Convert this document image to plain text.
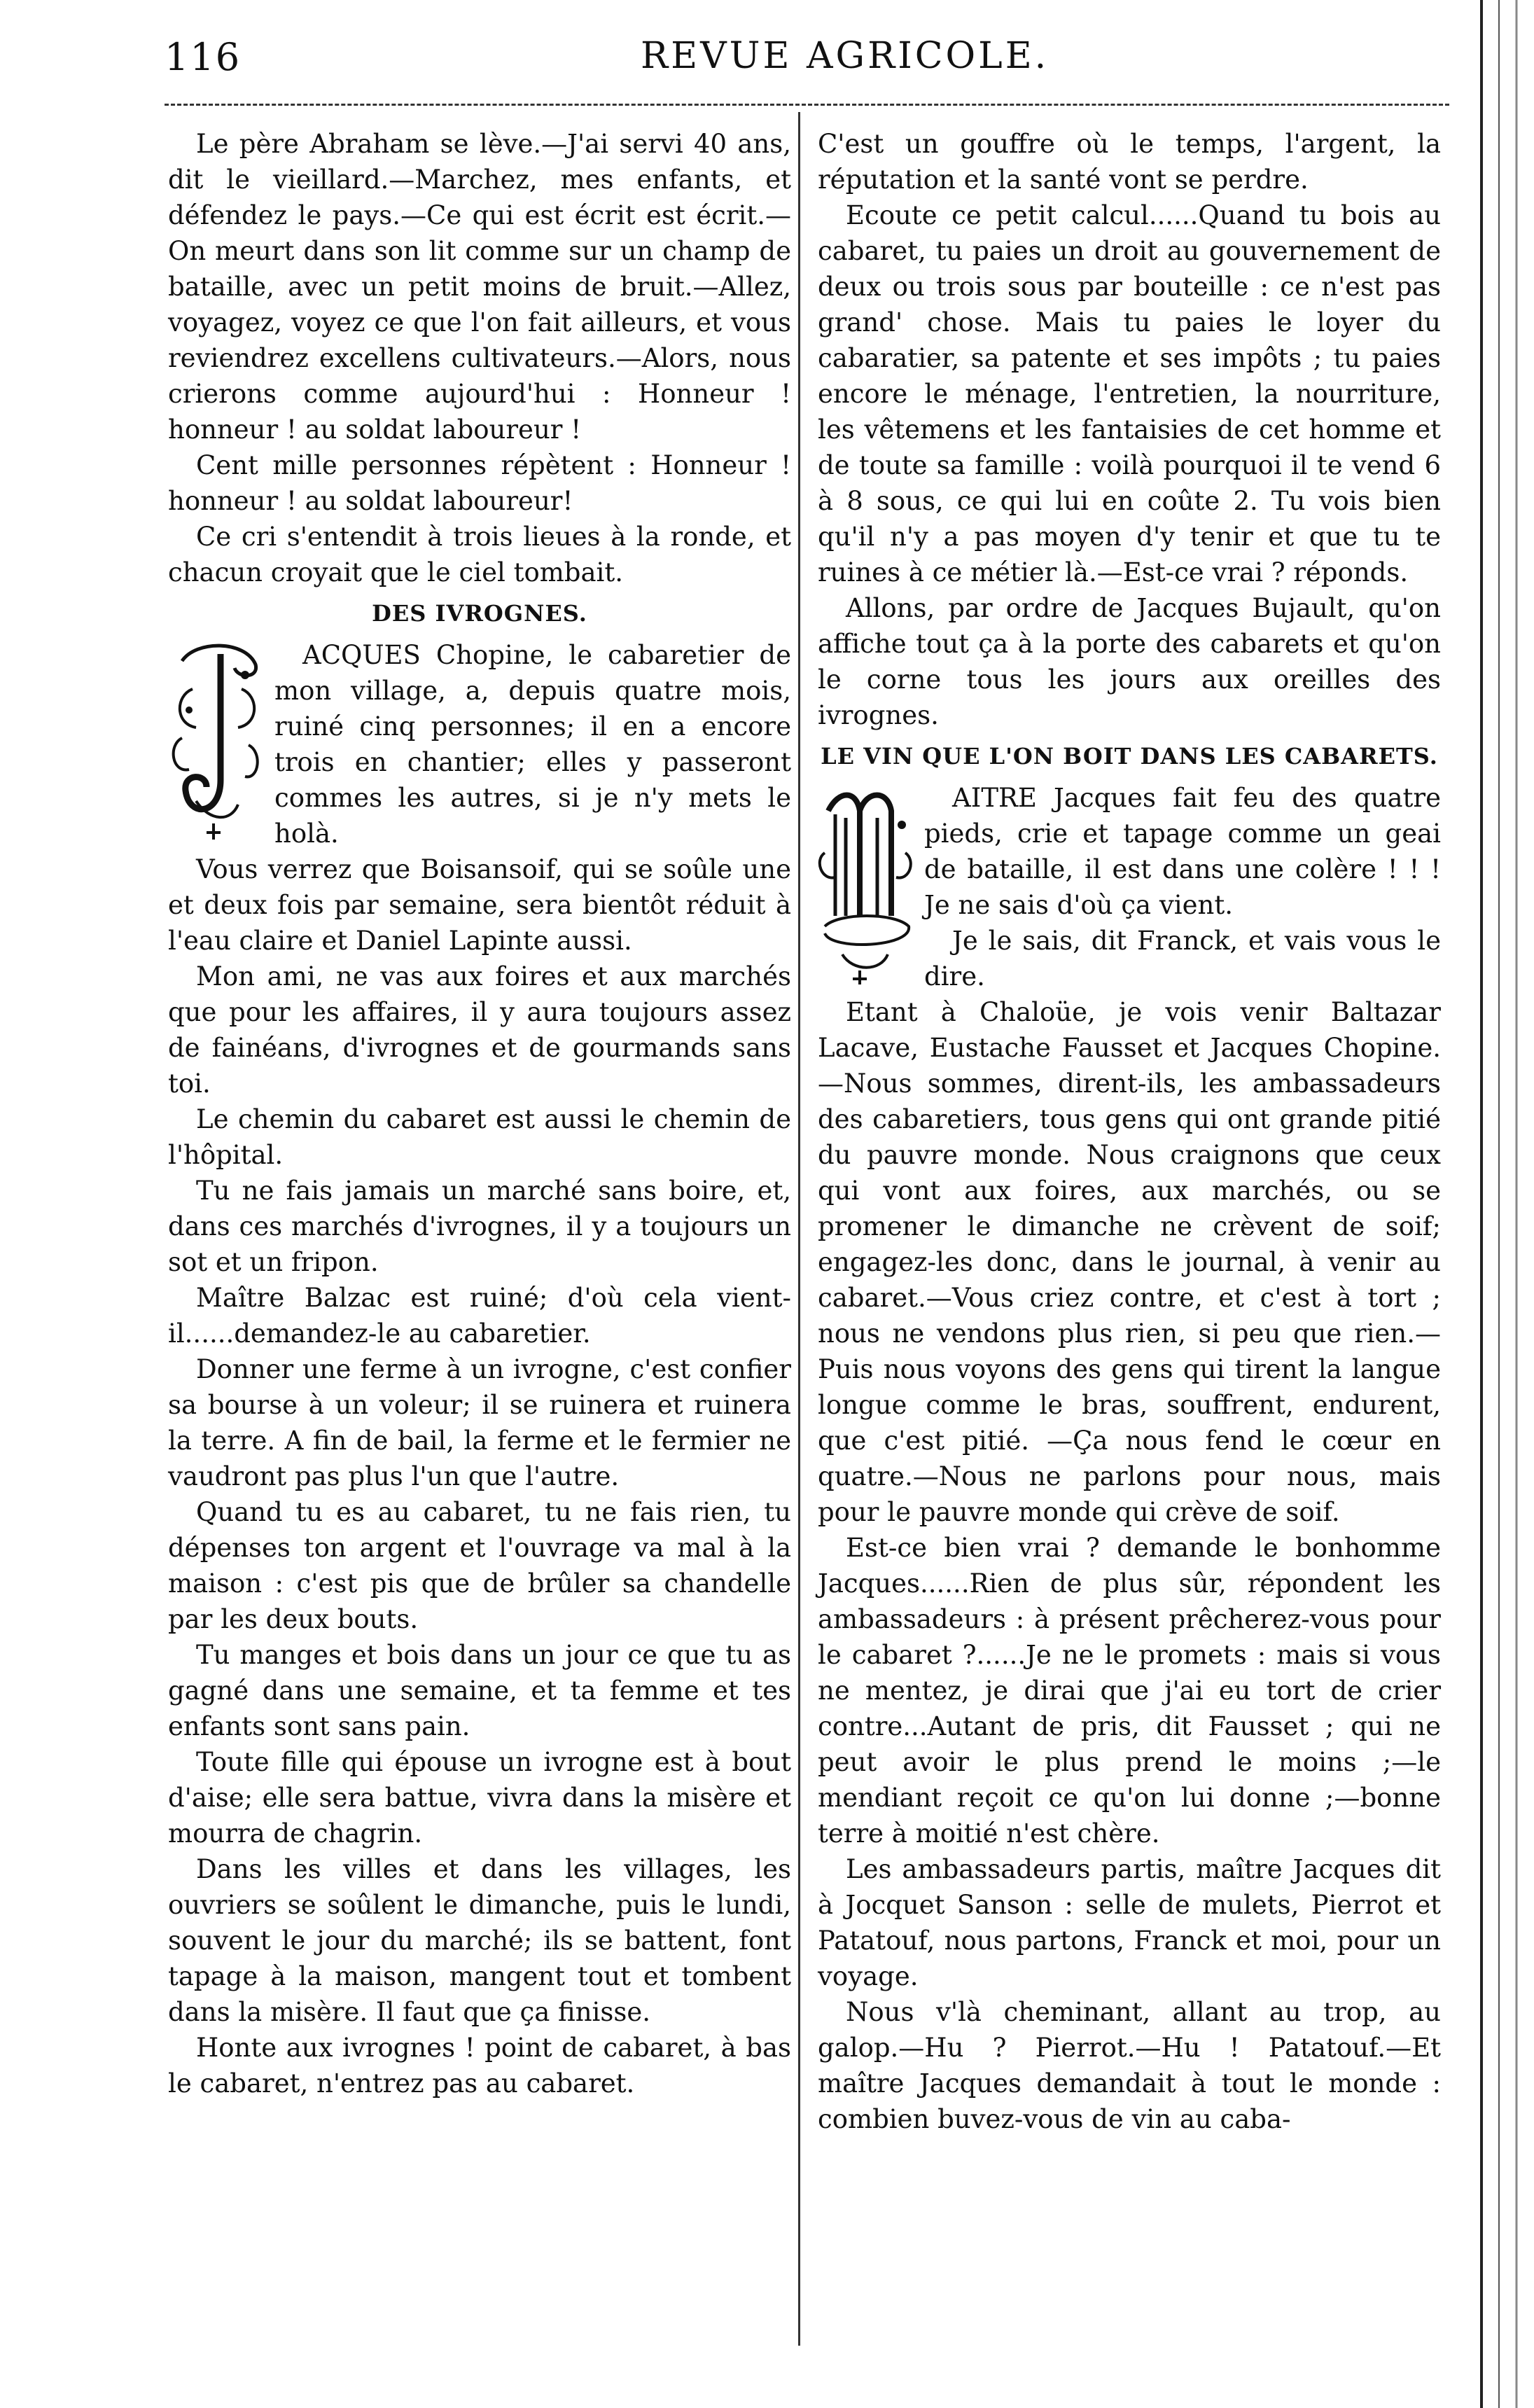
116	REVUE AGRICOLE.

Le père Abraham se lève.—J'ai servi 40 ans, dit le vieillard.—Marchez, mes enfants, et défendez le pays.—Ce qui est écrit est écrit.—On meurt dans son lit comme sur un champ de bataille, avec un petit moins de bruit.—Allez, voyagez, voyez ce que l'on fait ailleurs, et vous reviendrez excellens cultivateurs.—Alors, nous crierons comme aujourd'hui : Honneur ! honneur ! au soldat laboureur !

Cent mille personnes répètent : Honneur ! honneur ! au soldat laboureur!

Ce cri s'entendit à trois lieues à la ronde, et chacun croyait que le ciel tombait.

DES IVROGNES.

ACQUES Chopine, le cabaretier de mon village, a, depuis quatre mois, ruiné cinq personnes; il en a encore trois en chantier; elles y passeront commes les autres, si je n'y mets le holà.

Vous verrez que Boisansoif, qui se soûle une et deux fois par semaine, sera bientôt réduit à l'eau claire et Daniel Lapinte aussi.

Mon ami, ne vas aux foires et aux marchés que pour les affaires, il y aura toujours assez de fainéans, d'ivrognes et de gourmands sans toi.

Le chemin du cabaret est aussi le chemin de l'hôpital.

Tu ne fais jamais un marché sans boire, et, dans ces marchés d'ivrognes, il y a toujours un sot et un fripon.

Maître Balzac est ruiné; d'où cela vient-il......demandez-le au cabaretier.

Donner une ferme à un ivrogne, c'est confier sa bourse à un voleur; il se ruinera et ruinera la terre. A fin de bail, la ferme et le fermier ne vaudront pas plus l'un que l'autre.

Quand tu es au cabaret, tu ne fais rien, tu dépenses ton argent et l'ouvrage va mal à la maison : c'est pis que de brûler sa chandelle par les deux bouts.

Tu manges et bois dans un jour ce que tu as gagné dans une semaine, et ta femme et tes enfants sont sans pain.

Toute fille qui épouse un ivrogne est à bout d'aise; elle sera battue, vivra dans la misère et mourra de chagrin.

Dans les villes et dans les villages, les ouvriers se soûlent le dimanche, puis le lundi, souvent le jour du marché; ils se battent, font tapage à la maison, mangent tout et tombent dans la misère. Il faut que ça finisse.

Honte aux ivrognes ! point de cabaret, à bas le cabaret, n'entrez pas au cabaret.

C'est un gouffre où le temps, l'argent, la réputation et la santé vont se perdre.

Ecoute ce petit calcul......Quand tu bois au cabaret, tu paies un droit au gouvernement de deux ou trois sous par bouteille : ce n'est pas grand' chose. Mais tu paies le loyer du cabaratier, sa patente et ses impôts ; tu paies encore le ménage, l'entretien, la nourriture, les vêtemens et les fantaisies de cet homme et de toute sa famille : voilà pourquoi il te vend 6 à 8 sous, ce qui lui en coûte 2. Tu vois bien qu'il n'y a pas moyen d'y tenir et que tu te ruines à ce métier là.—Est-ce vrai ? réponds.

Allons, par ordre de Jacques Bujault, qu'on affiche tout ça à la porte des cabarets et qu'on le corne tous les jours aux oreilles des ivrognes.

LE VIN QUE L'ON BOIT DANS LES CABARETS.

AITRE Jacques fait feu des quatre pieds, crie et tapage comme un geai de bataille, il est dans une colère ! ! ! Je ne sais d'où ça vient.

Je le sais, dit Franck, et vais vous le dire.

Etant à Chaloüe, je vois venir Baltazar Lacave, Eustache Fausset et Jacques Chopine.—Nous sommes, dirent-ils, les ambassadeurs des cabaretiers, tous gens qui ont grande pitié du pauvre monde. Nous craignons que ceux qui vont aux foires, aux marchés, ou se promener le dimanche ne crèvent de soif; engagez-les donc, dans le journal, à venir au cabaret.—Vous criez contre, et c'est à tort ; nous ne vendons plus rien, si peu que rien.—Puis nous voyons des gens qui tirent la langue longue comme le bras, souffrent, endurent, que c'est pitié. —Ça nous fend le cœur en quatre.—Nous ne parlons pour nous, mais pour le pauvre monde qui crève de soif.

Est-ce bien vrai ? demande le bonhomme Jacques......Rien de plus sûr, répondent les ambassadeurs : à présent prêcherez-vous pour le cabaret ?......Je ne le promets : mais si vous ne mentez, je dirai que j'ai eu tort de crier contre...Autant de pris, dit Fausset ; qui ne peut avoir le plus prend le moins ;—le mendiant reçoit ce qu'on lui donne ;—bonne terre à moitié n'est chère.

Les ambassadeurs partis, maître Jacques dit à Jocquet Sanson : selle de mulets, Pierrot et Patatouf, nous partons, Franck et moi, pour un voyage.

Nous v'là cheminant, allant au trop, au galop.—Hu ? Pierrot.—Hu ! Patatouf.—Et maître Jacques demandait à tout le monde : combien buvez-vous de vin au caba-
